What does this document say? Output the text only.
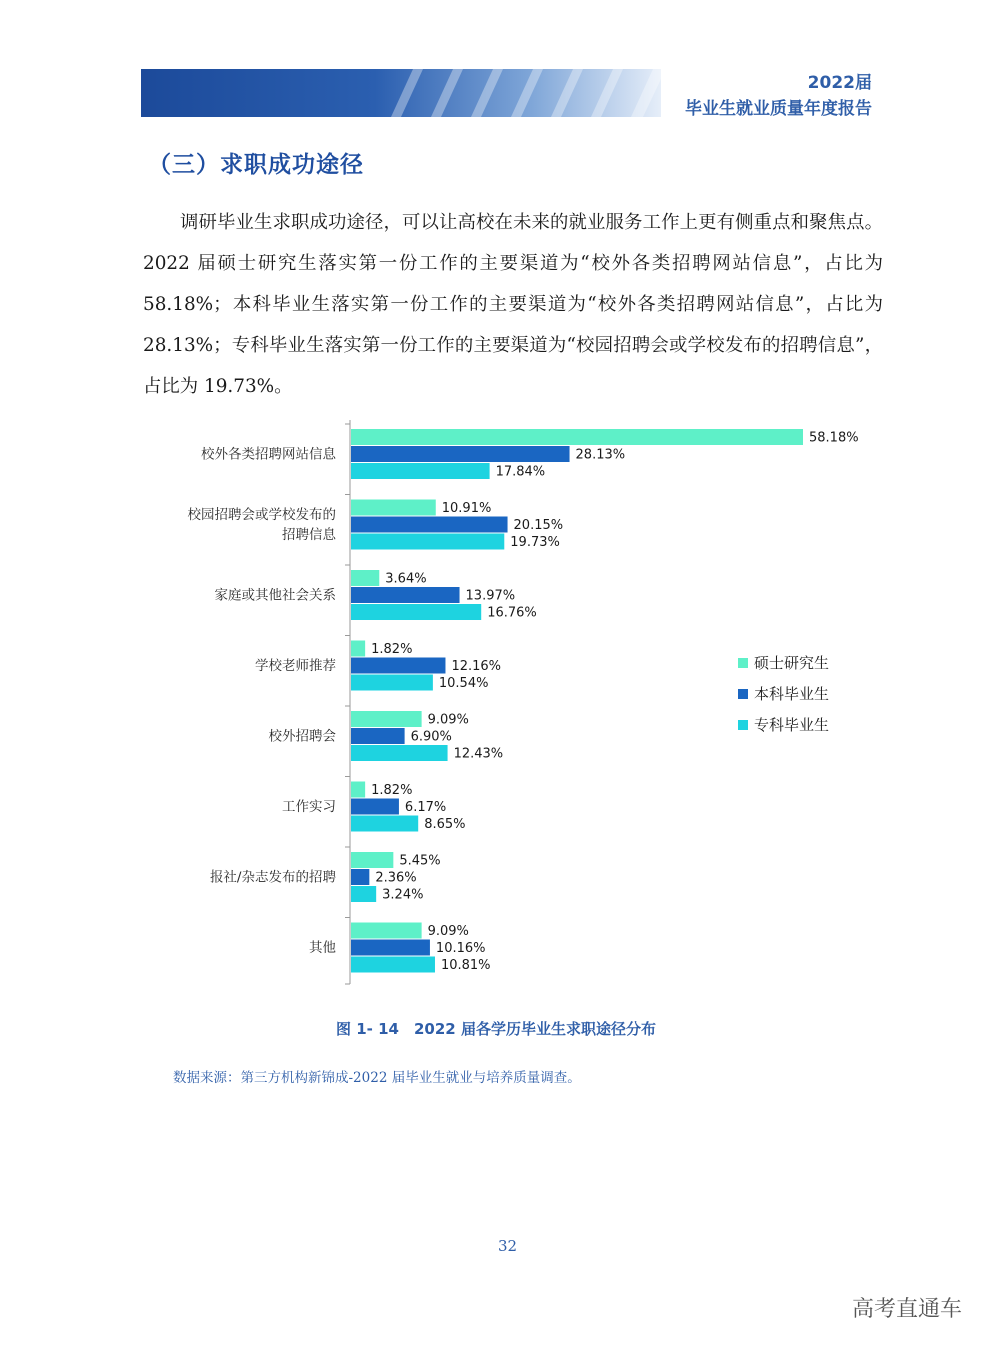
2022届
毕业生就业质量年度报告
（三）求职成功途径

调研毕业生求职成功途径，可以让高校在未来的就业服务工作上更有侧重点和聚焦点。2022 届硕士研究生落实第一份工作的主要渠道为“校外各类招聘网站信息”，占比为 58.18%；本科毕业生落实第一份工作的主要渠道为“校外各类招聘网站信息”，占比为 28.13%；专科毕业生落实第一份工作的主要渠道为“校园招聘会或学校发布的招聘信息”，占比为 19.73%。

校外各类招聘网站信息
58.18%
28.13%
17.84%
校园招聘会或学校发布的招聘信息
10.91%
20.15%
19.73%
家庭或其他社会关系
3.64%
13.97%
16.76%
学校老师推荐
1.82%
12.16%
10.54%
校外招聘会
9.09%
6.90%
12.43%
工作实习
1.82%
6.17%
8.65%
报社/杂志发布的招聘
5.45%
2.36%
3.24%
其他
9.09%
10.16%
10.81%
硕士研究生
本科毕业生
专科毕业生
图 1- 14　2022 届各学历毕业生求职途径分布
数据来源：第三方机构新锦成-2022 届毕业生就业与培养质量调查。
32
高考直通车
